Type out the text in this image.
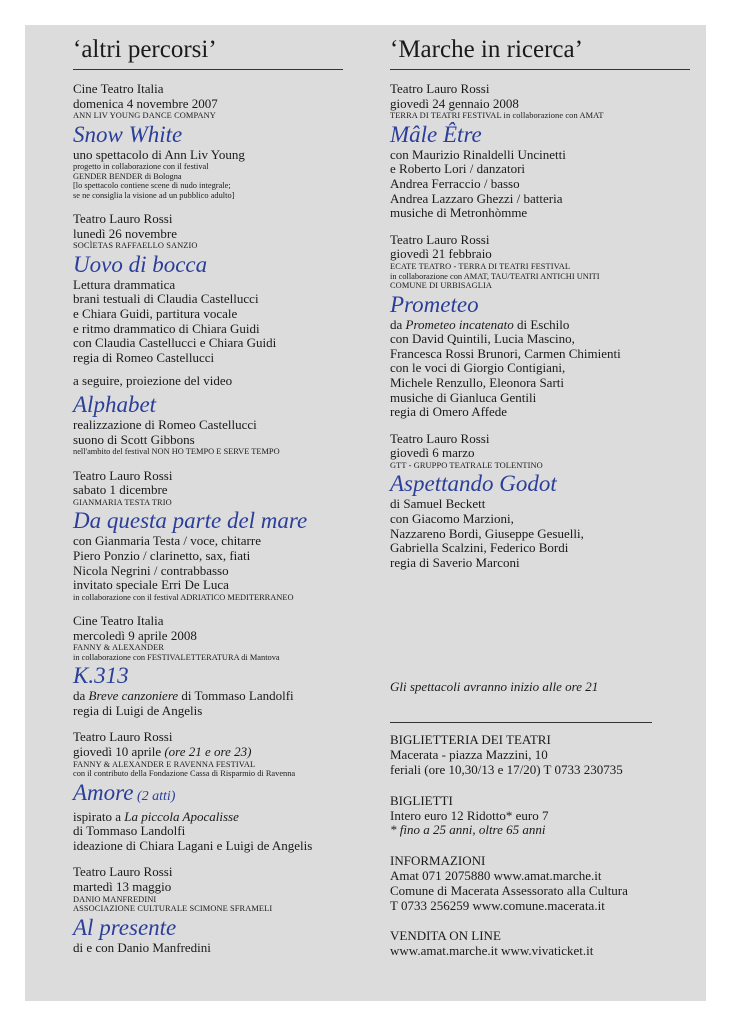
‘altri percorsi’
Cine Teatro Italia
domenica 4 novembre 2007
ANN LIV YOUNG DANCE COMPANY
Snow White
uno spettacolo di Ann Liv Young
progetto in collaborazione con il festival
GENDER BENDER di Bologna
[lo spettacolo contiene scene di nudo integrale;
se ne consiglia la visione ad un pubblico adulto]
Teatro Lauro Rossi
lunedì 26 novembre
SOCÌETAS RAFFAELLO SANZIO
Uovo di bocca
Lettura drammatica
brani testuali di Claudia Castellucci
e Chiara Guidi, partitura vocale
e ritmo drammatico di Chiara Guidi
con Claudia Castellucci e Chiara Guidi
regia di Romeo Castellucci
a seguire, proiezione del video
Alphabet
realizzazione di Romeo Castellucci
suono di Scott Gibbons
nell'ambito del festival NON HO TEMPO E SERVE TEMPO
Teatro Lauro Rossi
sabato 1 dicembre
GIANMARIA TESTA TRIO
Da questa parte del mare
con Gianmaria Testa / voce, chitarre
Piero Ponzio / clarinetto, sax, fiati
Nicola Negrini / contrabbasso
invitato speciale Erri De Luca
in collaborazione con il festival ADRIATICO MEDITERRANEO
Cine Teatro Italia
mercoledì 9 aprile 2008
FANNY & ALEXANDER
in collaborazione con FESTIVALETTERATURA di Mantova
K.313
da Breve canzoniere di Tommaso Landolfi
regia di Luigi de Angelis
Teatro Lauro Rossi
giovedì 10 aprile (ore 21 e ore 23)
FANNY & ALEXANDER E RAVENNA FESTIVAL
con il contributo della Fondazione Cassa di Risparmio di Ravenna
Amore (2 atti)
ispirato a La piccola Apocalisse
di Tommaso Landolfi
ideazione di Chiara Lagani e Luigi de Angelis
Teatro Lauro Rossi
martedì 13 maggio
DANIO MANFREDINI
ASSOCIAZIONE CULTURALE SCIMONE SFRAMELI
Al presente
di e con Danio Manfredini
‘Marche in ricerca’
Teatro Lauro Rossi
giovedì 24 gennaio 2008
TERRA DI TEATRI FESTIVAL in collaborazione con AMAT
Mâle Être
con Maurizio Rinaldelli Uncinetti
e Roberto Lori / danzatori
Andrea Ferraccio / basso
Andrea Lazzaro Ghezzi / batteria
musiche di Metronhòmme
Teatro Lauro Rossi
giovedì 21 febbraio
ECATE TEATRO - TERRA DI TEATRI FESTIVAL
in collaborazione con AMAT, TAU/TEATRI ANTICHI UNITI
COMUNE DI URBISAGLIA
Prometeo
da Prometeo incatenato di Eschilo
con David Quintili, Lucia Mascino,
Francesca Rossi Brunori, Carmen Chimienti
con le voci di Giorgio Contigiani,
Michele Renzullo, Eleonora Sarti
musiche di Gianluca Gentili
regia di Omero Affede
Teatro Lauro Rossi
giovedì 6 marzo
GTT - GRUPPO TEATRALE TOLENTINO
Aspettando Godot
di Samuel Beckett
con Giacomo Marzioni,
Nazzareno Bordi, Giuseppe Gesuelli,
Gabriella Scalzini, Federico Bordi
regia di Saverio Marconi
Gli spettacoli avranno inizio alle ore 21
BIGLIETTERIA DEI TEATRI
Macerata - piazza Mazzini, 10
feriali (ore 10,30/13 e 17/20) T 0733 230735
BIGLIETTI
Intero euro 12 Ridotto* euro 7
* fino a 25 anni, oltre 65 anni
INFORMAZIONI
Amat 071 2075880 www.amat.marche.it
Comune di Macerata Assessorato alla Cultura
T 0733 256259 www.comune.macerata.it
VENDITA ON LINE
www.amat.marche.it www.vivaticket.it
